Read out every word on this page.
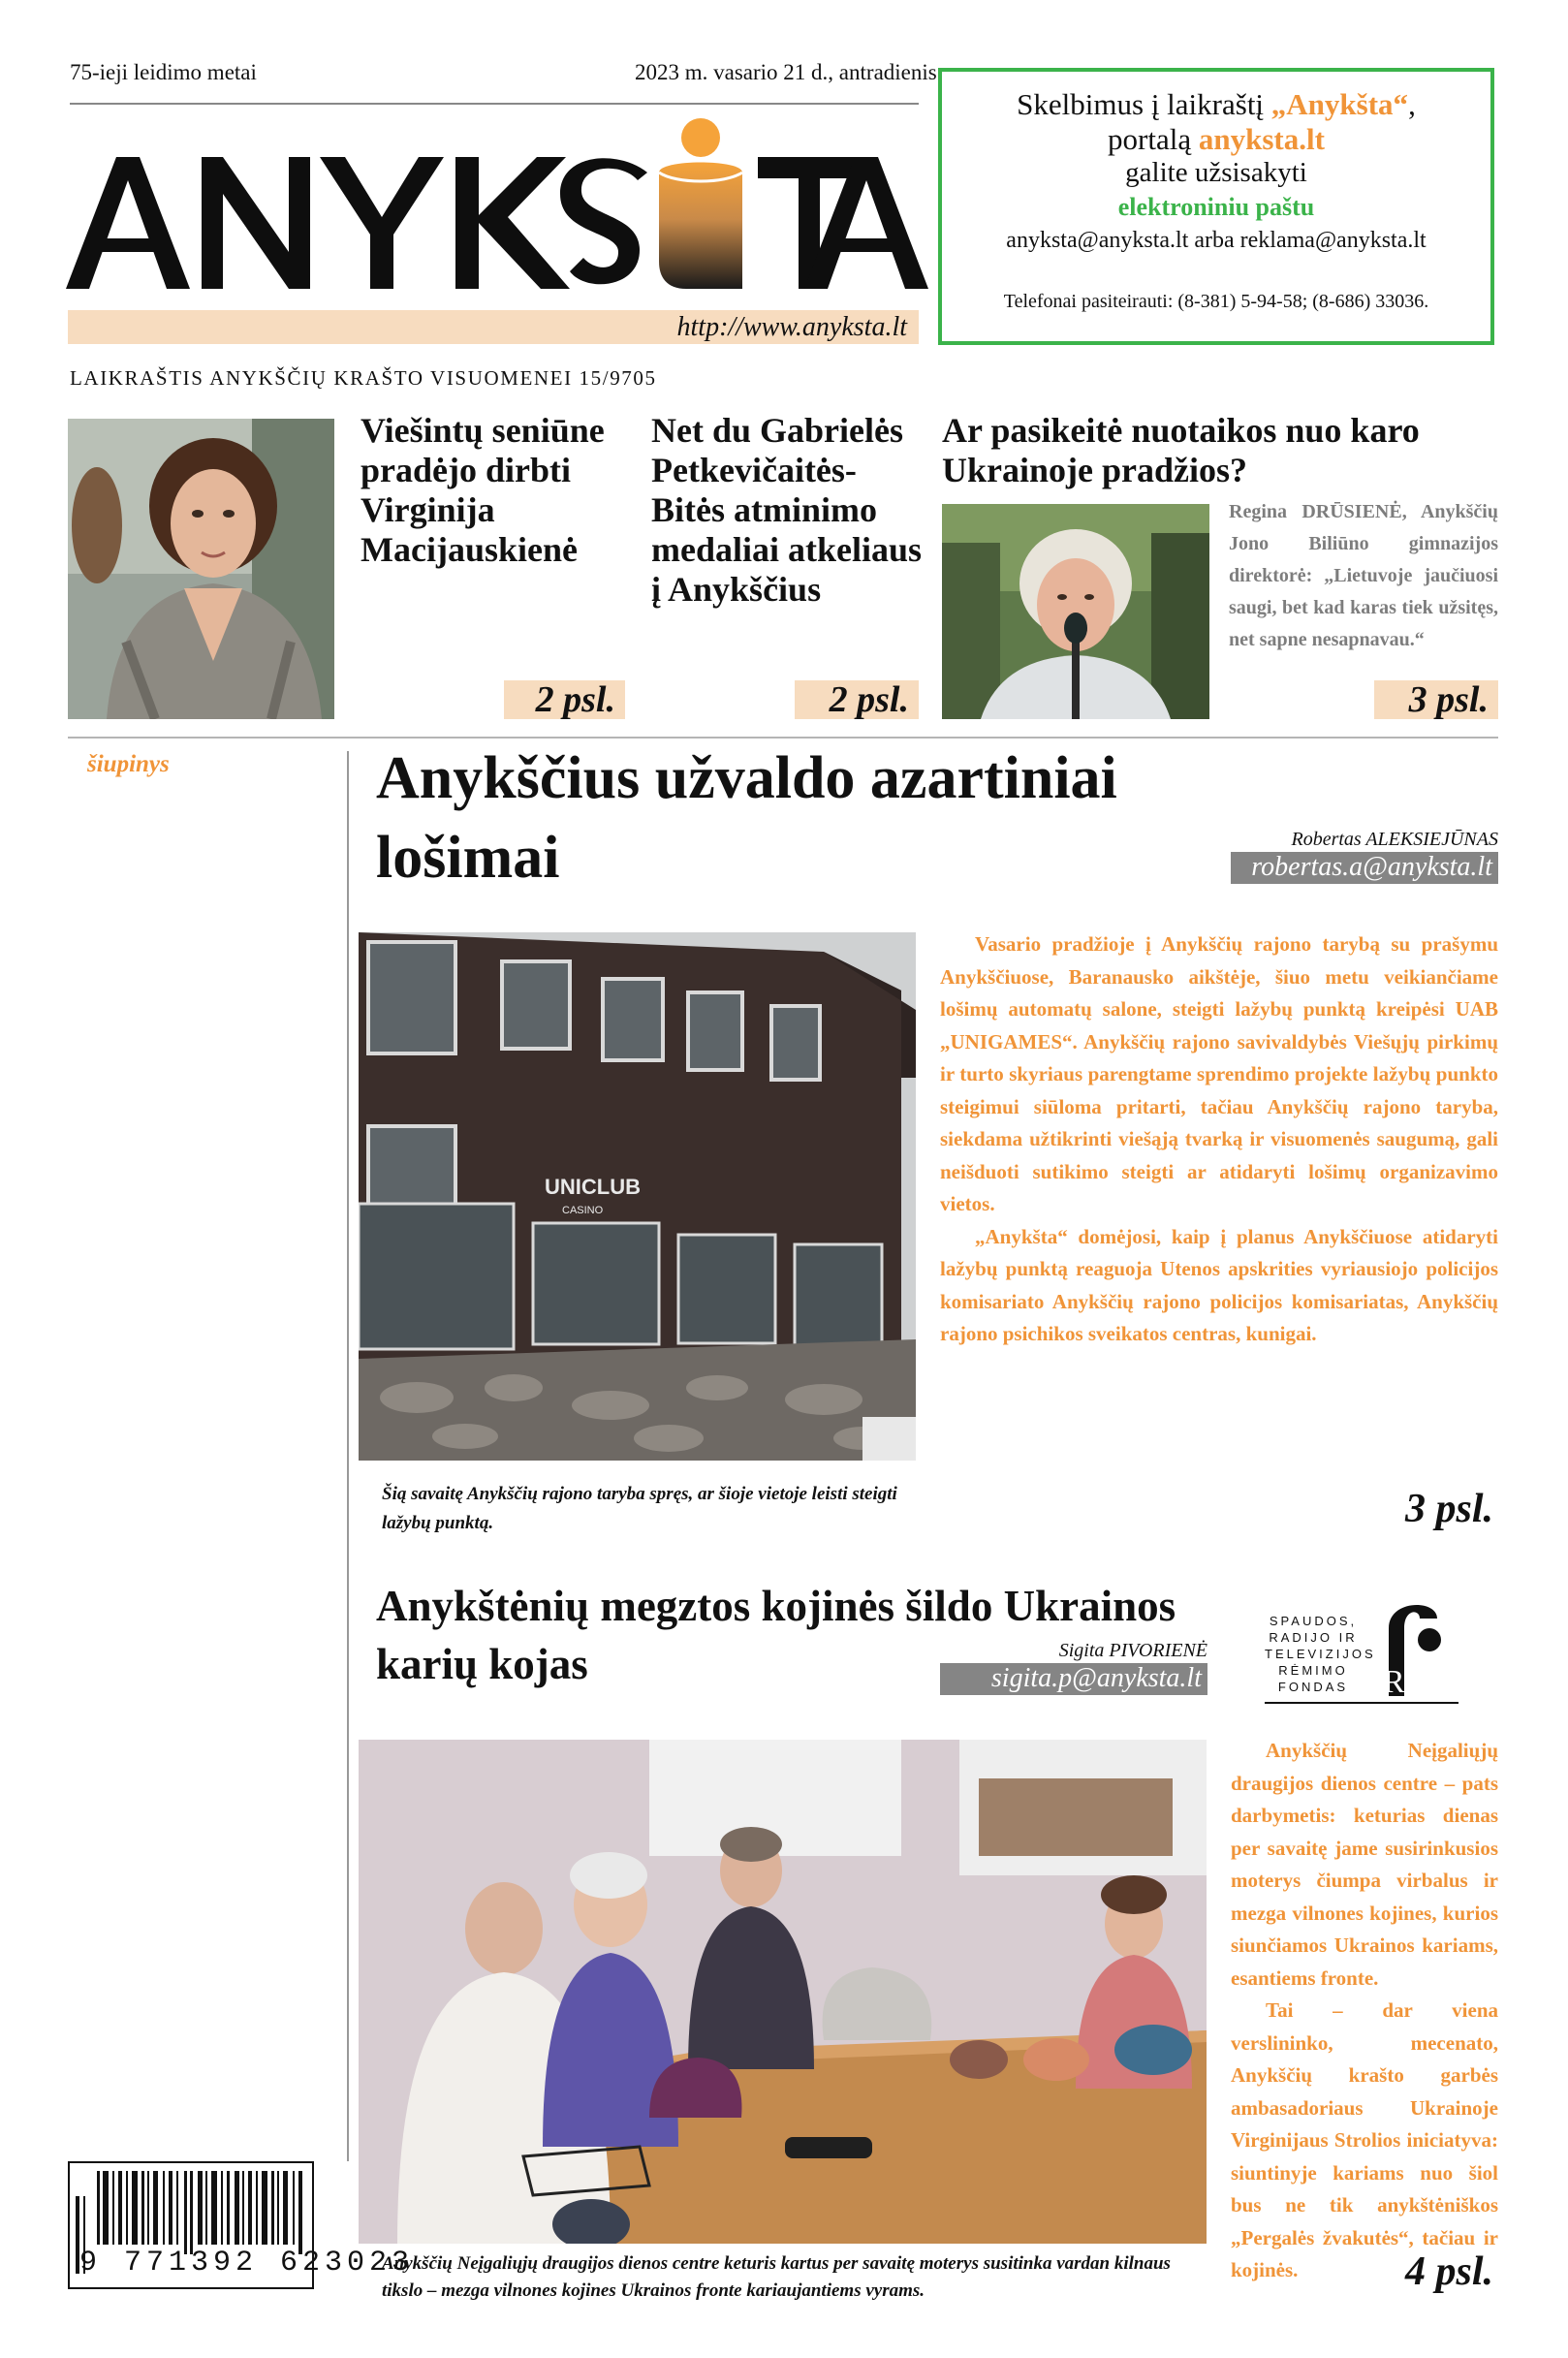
75-ieji leidimo metai	2023 m. vasario 21 d., antradienis
http://www.anyksta.lt
LAIKRAŠTIS ANYKŠČIŲ KRAŠTO VISUOMENEI 15/9705
Skelbimus į laikraštį „Anykšta“,
portalą anyksta.lt
galite užsisakyti
elektroniniu paštu
anyksta@anyksta.lt arba reklama@anyksta.lt
Telefonai pasiteirauti: (8-381) 5-94-58; (8-686) 33036.
Viešintų seniūne pradėjo dirbti Virginija Macijauskienė
2 psl.
Net du Gabrielės Petkevičaitės-Bitės atminimo medaliai atkeliaus į Anykščius
2 psl.
Ar pasikeitė nuotaikos nuo karo Ukrainoje pradžios?
Regina DRŪSIENĖ, Anykščių Jono Biliūno gimnazijos direktorė: „Lietuvoje jaučiuosi saugi, bet kad karas tiek užsitęs, net sapne nesapnavau.“
3 psl.
šiupinys	Anykščius užvaldo azartiniai lošimai	Robertas ALEKSIEJŪNAS
robertas.a@anyksta.lt
UNICLUB
CASINO

Vasario pradžioje į Anykščių rajono tarybą su prašymu Anykščiuose, Baranausko aikštėje, šiuo metu veikiančiame lošimų automatų salone, steigti lažybų punktą kreipėsi UAB „UNIGAMES“. Anykščių rajono savivaldybės Viešųjų pirkimų ir turto skyriaus parengtame sprendimo projekte lažybų punkto steigimui siūloma pritarti, tačiau Anykščių rajono taryba, siekdama užtikrinti viešąją tvarką ir visuomenės saugumą, gali neišduoti sutikimo steigti ar atidaryti lošimų organizavimo vietos.

„Anykšta“ domėjosi, kaip į planus Anykščiuose atidaryti lažybų punktą reaguoja Utenos apskrities vyriausiojo policijos komisariato Anykščių rajono policijos komisariatas, Anykščių rajono psichikos sveikatos centras, kunigai.

Šią savaitę Anykščių rajono taryba spręs, ar šioje vietoje leisti steigti lažybų punktą.	3 psl.
Anykštėnių megztos kojinės šildo Ukrainos karių kojas	Sigita PIVORIENĖ
sigita.p@anyksta.lt
SPAUDOS, RADIJO IR TELEVIZIJOS RĖMIMO FONDAS	R

Anykščių Neįgaliųjų draugijos dienos centre – pats darbymetis: keturias dienas per savaitę jame susirinkusios moterys čiumpa virbalus ir mezga vilnones kojines, kurios siunčiamos Ukrainos kariams, esantiems fronte.

Tai – dar viena verslininko, mecenato, Anykščių krašto garbės ambasadoriaus Ukrainoje Virginijaus Strolios iniciatyva: siuntinyje kariams nuo šiol bus ne tik anykštėniškos „Pergalės žvakutės“, tačiau ir kojinės.

Anykščių Neįgaliųjų draugijos dienos centre keturis kartus per savaitę moterys susitinka vardan kilnaus tikslo – mezga vilnones kojines Ukrainos fronte kariaujantiems vyrams.	4 psl.
9 771392 623023
